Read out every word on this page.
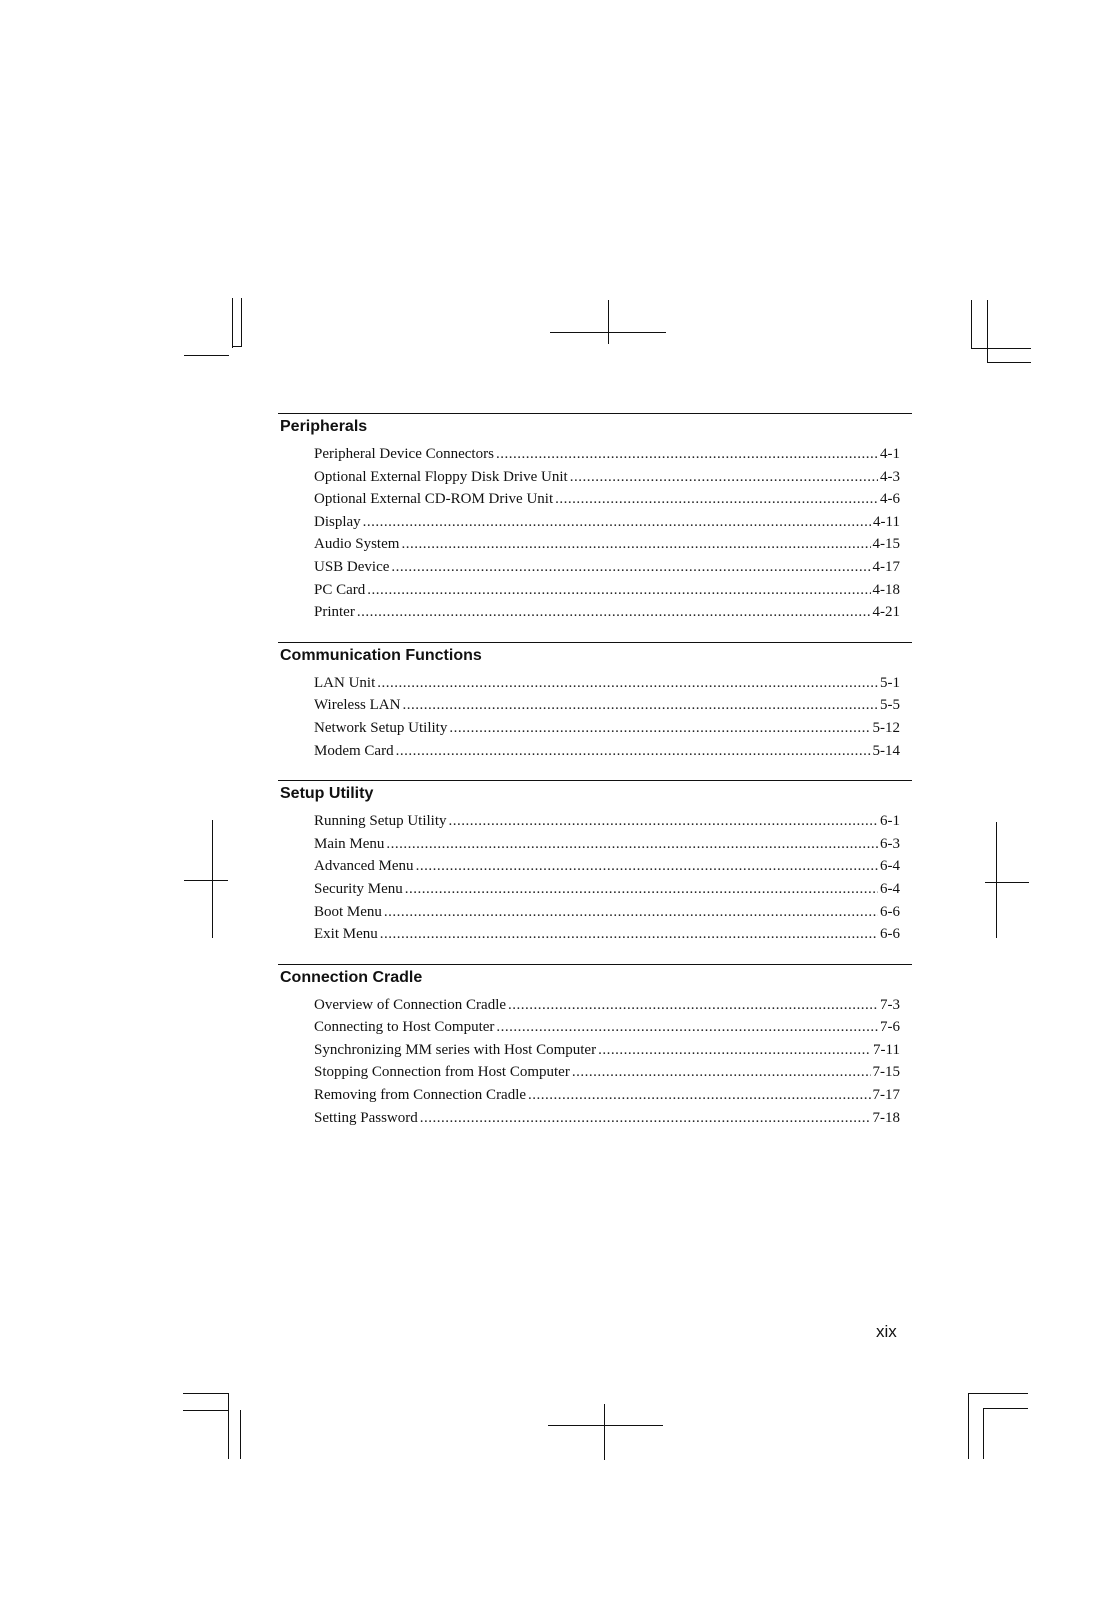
Peripherals
Peripheral Device Connectors .....	4-1
Optional External Floppy Disk Drive Unit .....	4-3
Optional External CD-ROM Drive Unit .....	4-6
Display .....	4-11
Audio System .....	4-15
USB Device .....	4-17
PC Card .....	4-18
Printer .....	4-21
Communication Functions
LAN Unit .....	5-1
Wireless LAN .....	5-5
Network Setup Utility .....	5-12
Modem Card .....	5-14
Setup Utility
Running Setup Utility .....	6-1
Main Menu .....	6-3
Advanced Menu .....	6-4
Security Menu .....	6-4
Boot Menu .....	6-6
Exit Menu .....	6-6
Connection Cradle
Overview of Connection Cradle .....	7-3
Connecting to Host Computer .....	7-6
Synchronizing MM series with Host Computer .....	7-11
Stopping Connection from Host Computer .....	7-15
Removing from Connection Cradle .....	7-17
Setting Password .....	7-18
xix
